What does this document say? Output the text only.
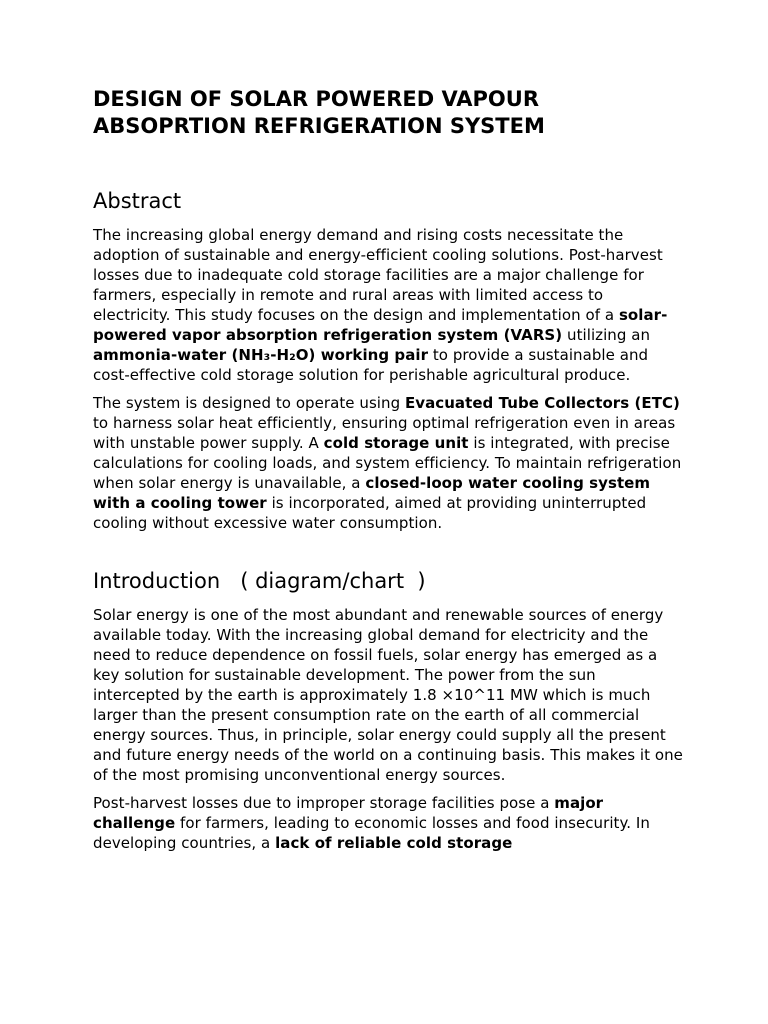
DESIGN OF SOLAR POWERED VAPOUR
ABSOPRTION REFRIGERATION SYSTEM
Abstract

The increasing global energy demand and rising costs necessitate the adoption of sustainable and energy-efficient cooling solutions. Post-harvest losses due to inadequate cold storage facilities are a major challenge for farmers, especially in remote and rural areas with limited access to electricity. This study focuses on the design and implementation of a solar-powered vapor absorption refrigeration system (VARS) utilizing an ammonia-water (NH₃-H₂O) working pair to provide a sustainable and cost-effective cold storage solution for perishable agricultural produce.

The system is designed to operate using Evacuated Tube Collectors (ETC) to harness solar heat efficiently, ensuring optimal refrigeration even in areas with unstable power supply. A cold storage unit is integrated, with precise calculations for cooling loads, and system efficiency. To maintain refrigeration when solar energy is unavailable, a closed-loop water cooling system with a cooling tower is incorporated, aimed at providing uninterrupted cooling without excessive water consumption.

Introduction   ( diagram/chart  )

Solar energy is one of the most abundant and renewable sources of energy available today. With the increasing global demand for electricity and the need to reduce dependence on fossil fuels, solar energy has emerged as a key solution for sustainable development. The power from the sun intercepted by the earth is approximately 1.8 ×10^11 MW which is much larger than the present consumption rate on the earth of all commercial energy sources. Thus, in principle, solar energy could supply all the present and future energy needs of the world on a continuing basis. This makes it one of the most promising unconventional energy sources.

Post-harvest losses due to improper storage facilities pose a major challenge for farmers, leading to economic losses and food insecurity. In developing countries, a lack of reliable cold storage
